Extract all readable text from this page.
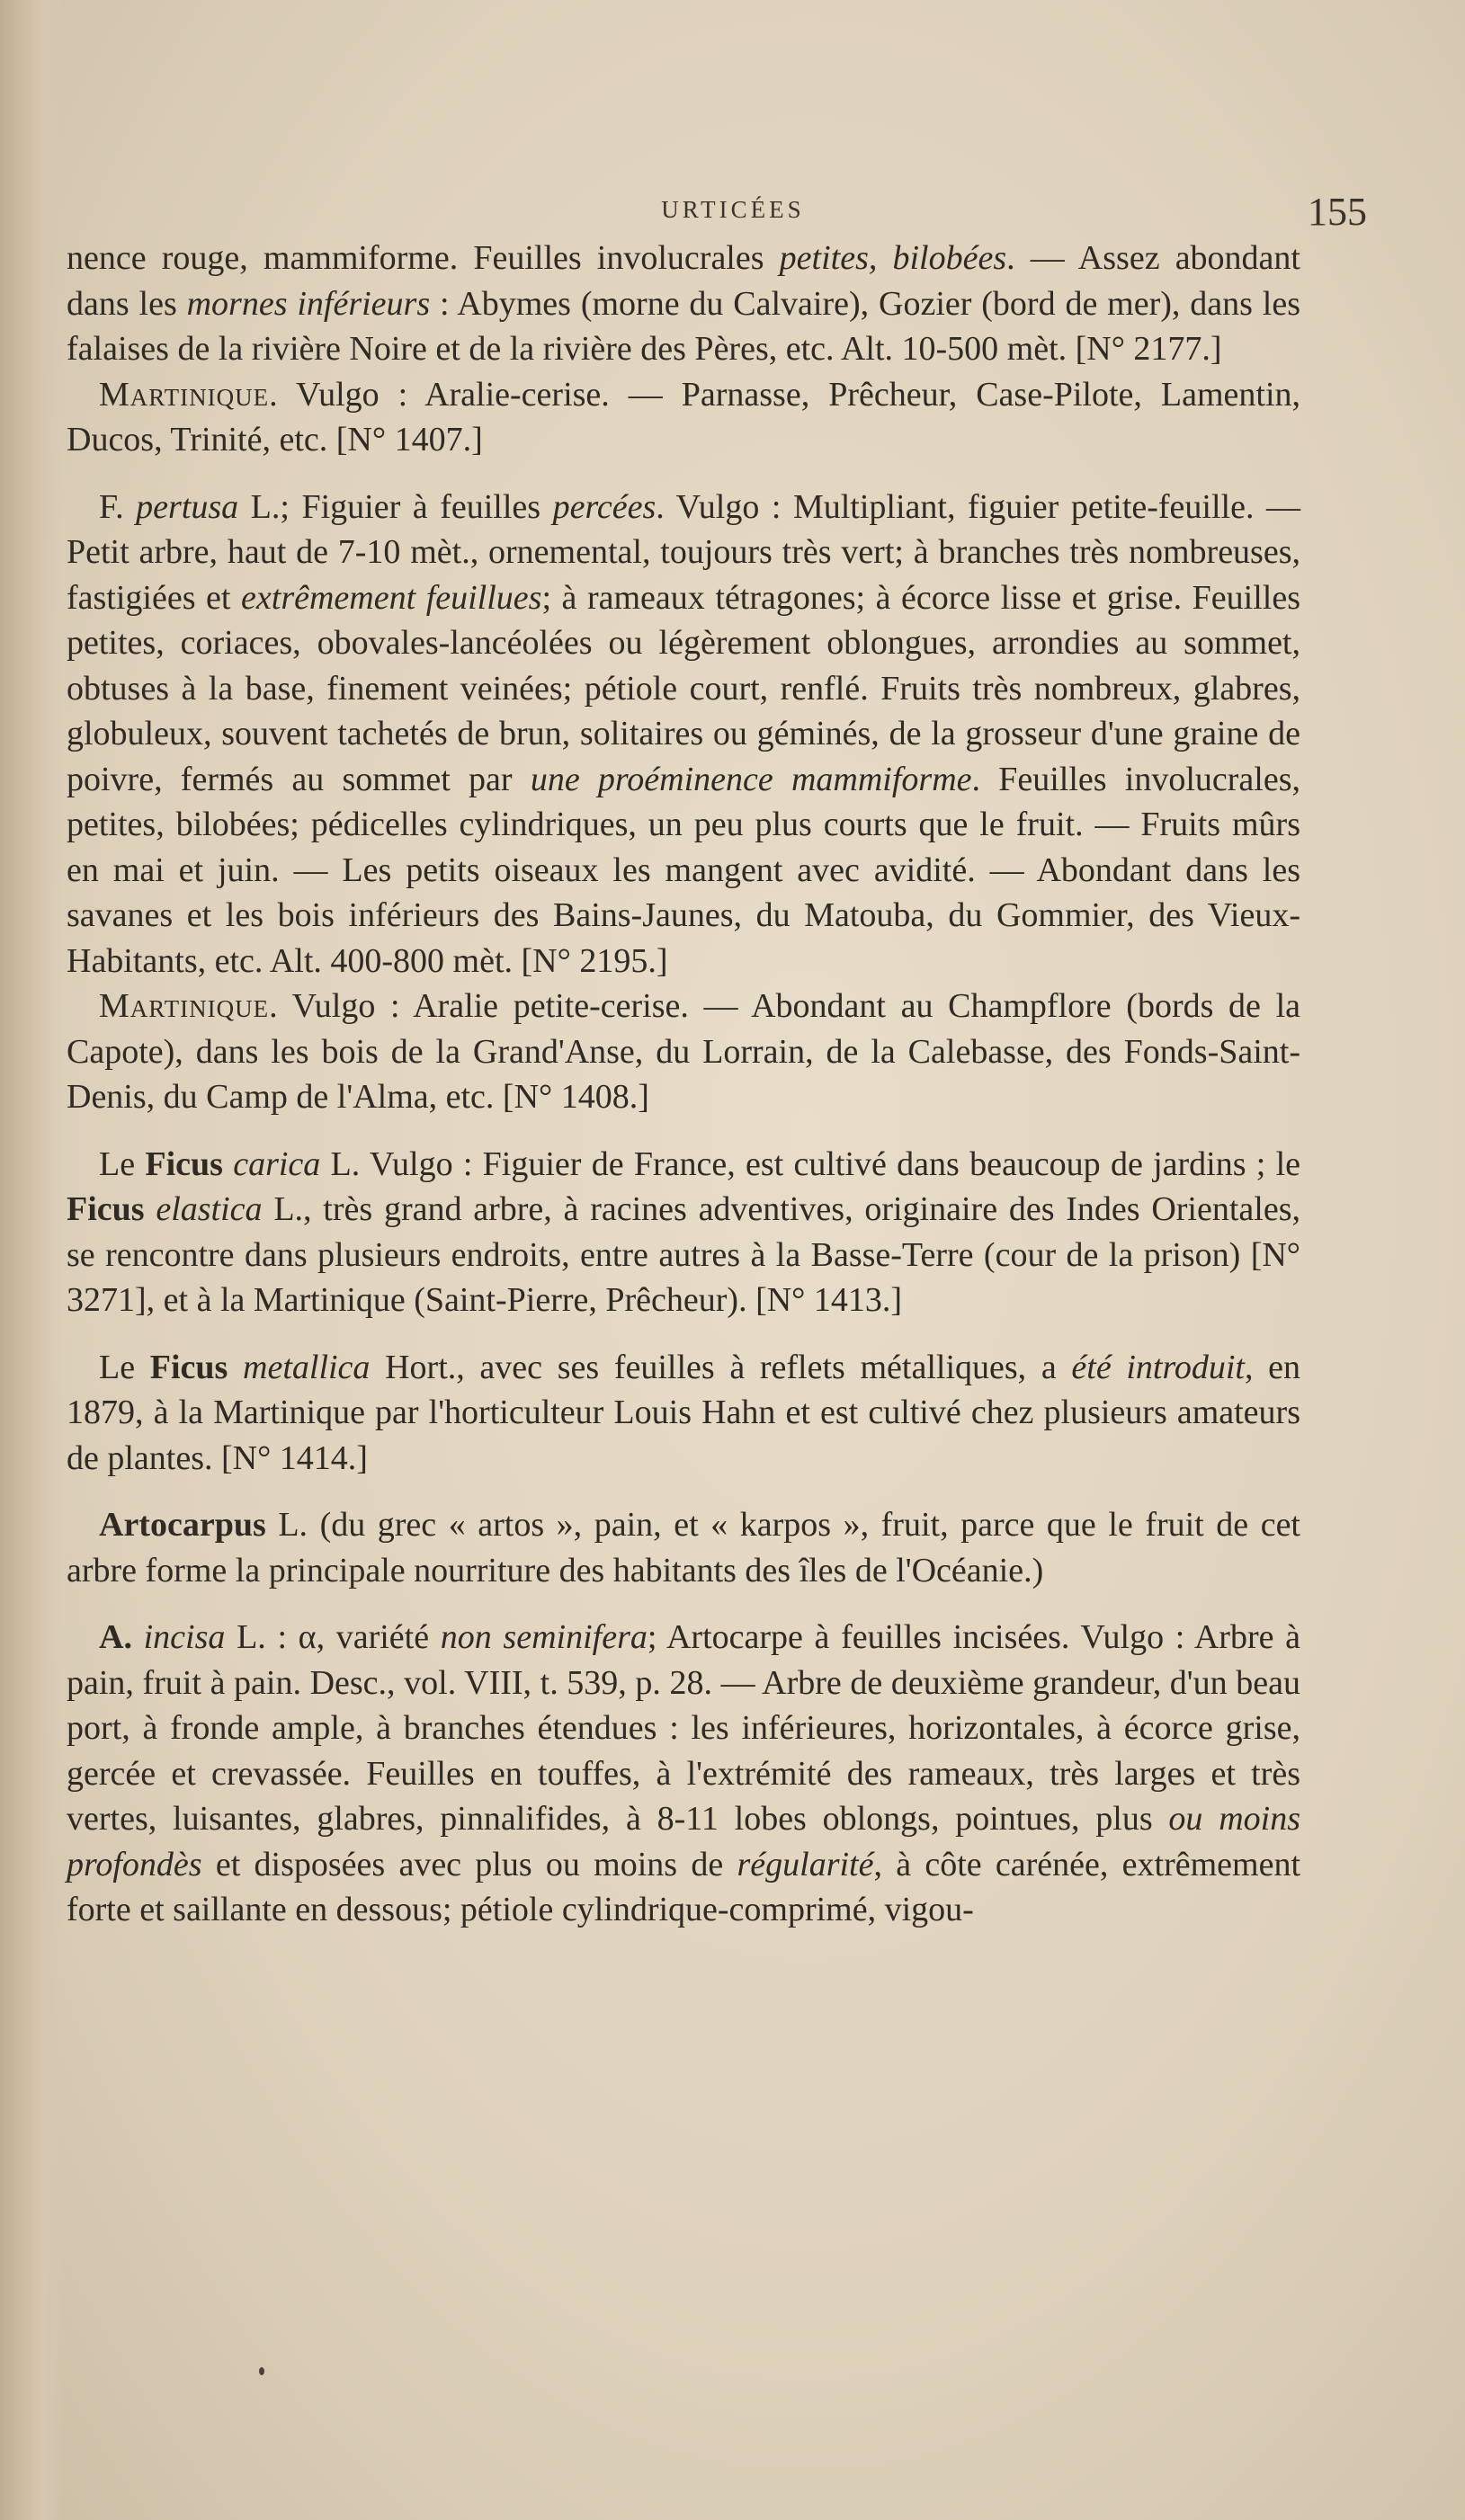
URTICÉES	155

nence rouge, mammiforme. Feuilles involucrales petites, bilobées. — Assez abondant dans les mornes inférieurs : Abymes (morne du Calvaire), Gozier (bord de mer), dans les falaises de la rivière Noire et de la rivière des Pères, etc. Alt. 10-500 mèt. [N° 2177.]

Martinique. Vulgo : Aralie-cerise. — Parnasse, Prêcheur, Case-Pilote, Lamentin, Ducos, Trinité, etc. [N° 1407.]

F. pertusa L.; Figuier à feuilles percées. Vulgo : Multipliant, figuier petite-feuille. — Petit arbre, haut de 7-10 mèt., ornemental, toujours très vert; à branches très nombreuses, fastigiées et extrêmement feuillues; à rameaux tétragones; à écorce lisse et grise. Feuilles petites, coriaces, obovales-lancéolées ou légèrement oblongues, arrondies au sommet, obtuses à la base, finement veinées; pétiole court, renflé. Fruits très nombreux, glabres, globuleux, souvent tachetés de brun, solitaires ou géminés, de la grosseur d'une graine de poivre, fermés au sommet par une proéminence mammiforme. Feuilles involucrales, petites, bilobées; pédicelles cylindriques, un peu plus courts que le fruit. — Fruits mûrs en mai et juin. — Les petits oiseaux les mangent avec avidité. — Abondant dans les savanes et les bois inférieurs des Bains-Jaunes, du Matouba, du Gommier, des Vieux-Habitants, etc. Alt. 400-800 mèt. [N° 2195.]

Martinique. Vulgo : Aralie petite-cerise. — Abondant au Champflore (bords de la Capote), dans les bois de la Grand'Anse, du Lorrain, de la Calebasse, des Fonds-Saint-Denis, du Camp de l'Alma, etc. [N° 1408.]

Le Ficus carica L. Vulgo : Figuier de France, est cultivé dans beaucoup de jardins ; le Ficus elastica L., très grand arbre, à racines adventives, originaire des Indes Orientales, se rencontre dans plusieurs endroits, entre autres à la Basse-Terre (cour de la prison) [N° 3271], et à la Martinique (Saint-Pierre, Prêcheur). [N° 1413.]

Le Ficus metallica Hort., avec ses feuilles à reflets métalliques, a été introduit, en 1879, à la Martinique par l'horticulteur Louis Hahn et est cultivé chez plusieurs amateurs de plantes. [N° 1414.]

Artocarpus L. (du grec « artos », pain, et « karpos », fruit, parce que le fruit de cet arbre forme la principale nourriture des habitants des îles de l'Océanie.)

A. incisa L. : α, variété non seminifera; Artocarpe à feuilles incisées. Vulgo : Arbre à pain, fruit à pain. Desc., vol. VIII, t. 539, p. 28. — Arbre de deuxième grandeur, d'un beau port, à fronde ample, à branches étendues : les inférieures, horizontales, à écorce grise, gercée et crevassée. Feuilles en touffes, à l'extrémité des rameaux, très larges et très vertes, luisantes, glabres, pinnalifides, à 8-11 lobes oblongs, pointues, plus ou moins profondès et disposées avec plus ou moins de régularité, à côte carénée, extrêmement forte et saillante en dessous; pétiole cylindrique-comprimé, vigou-
